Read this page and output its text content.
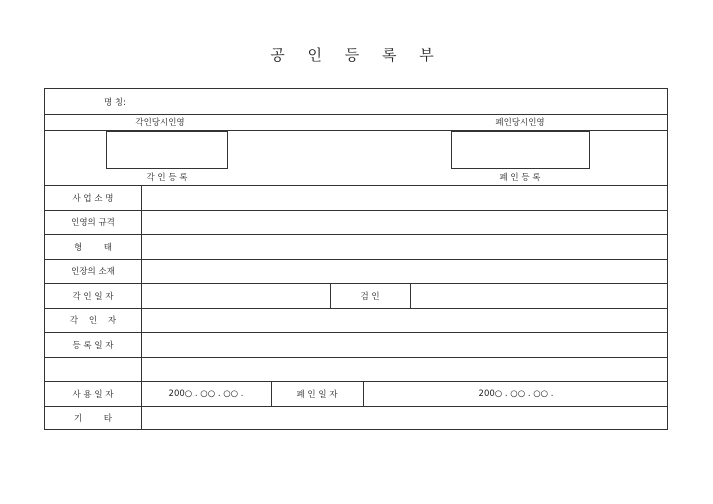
공 인 등 록 부
명 칭:
각인당시인영	폐인당시인영
각 인 등 록	폐 인 등 록
사 업 소 명
인영의 규격
형        태
인장의 소재
각 인 일 자	검 인
각    인    자
등 록 일 자
사 용 일 자	200○ . ○○ . ○○ .	폐 인 일 자	200○ . ○○ . ○○ .
기        타
